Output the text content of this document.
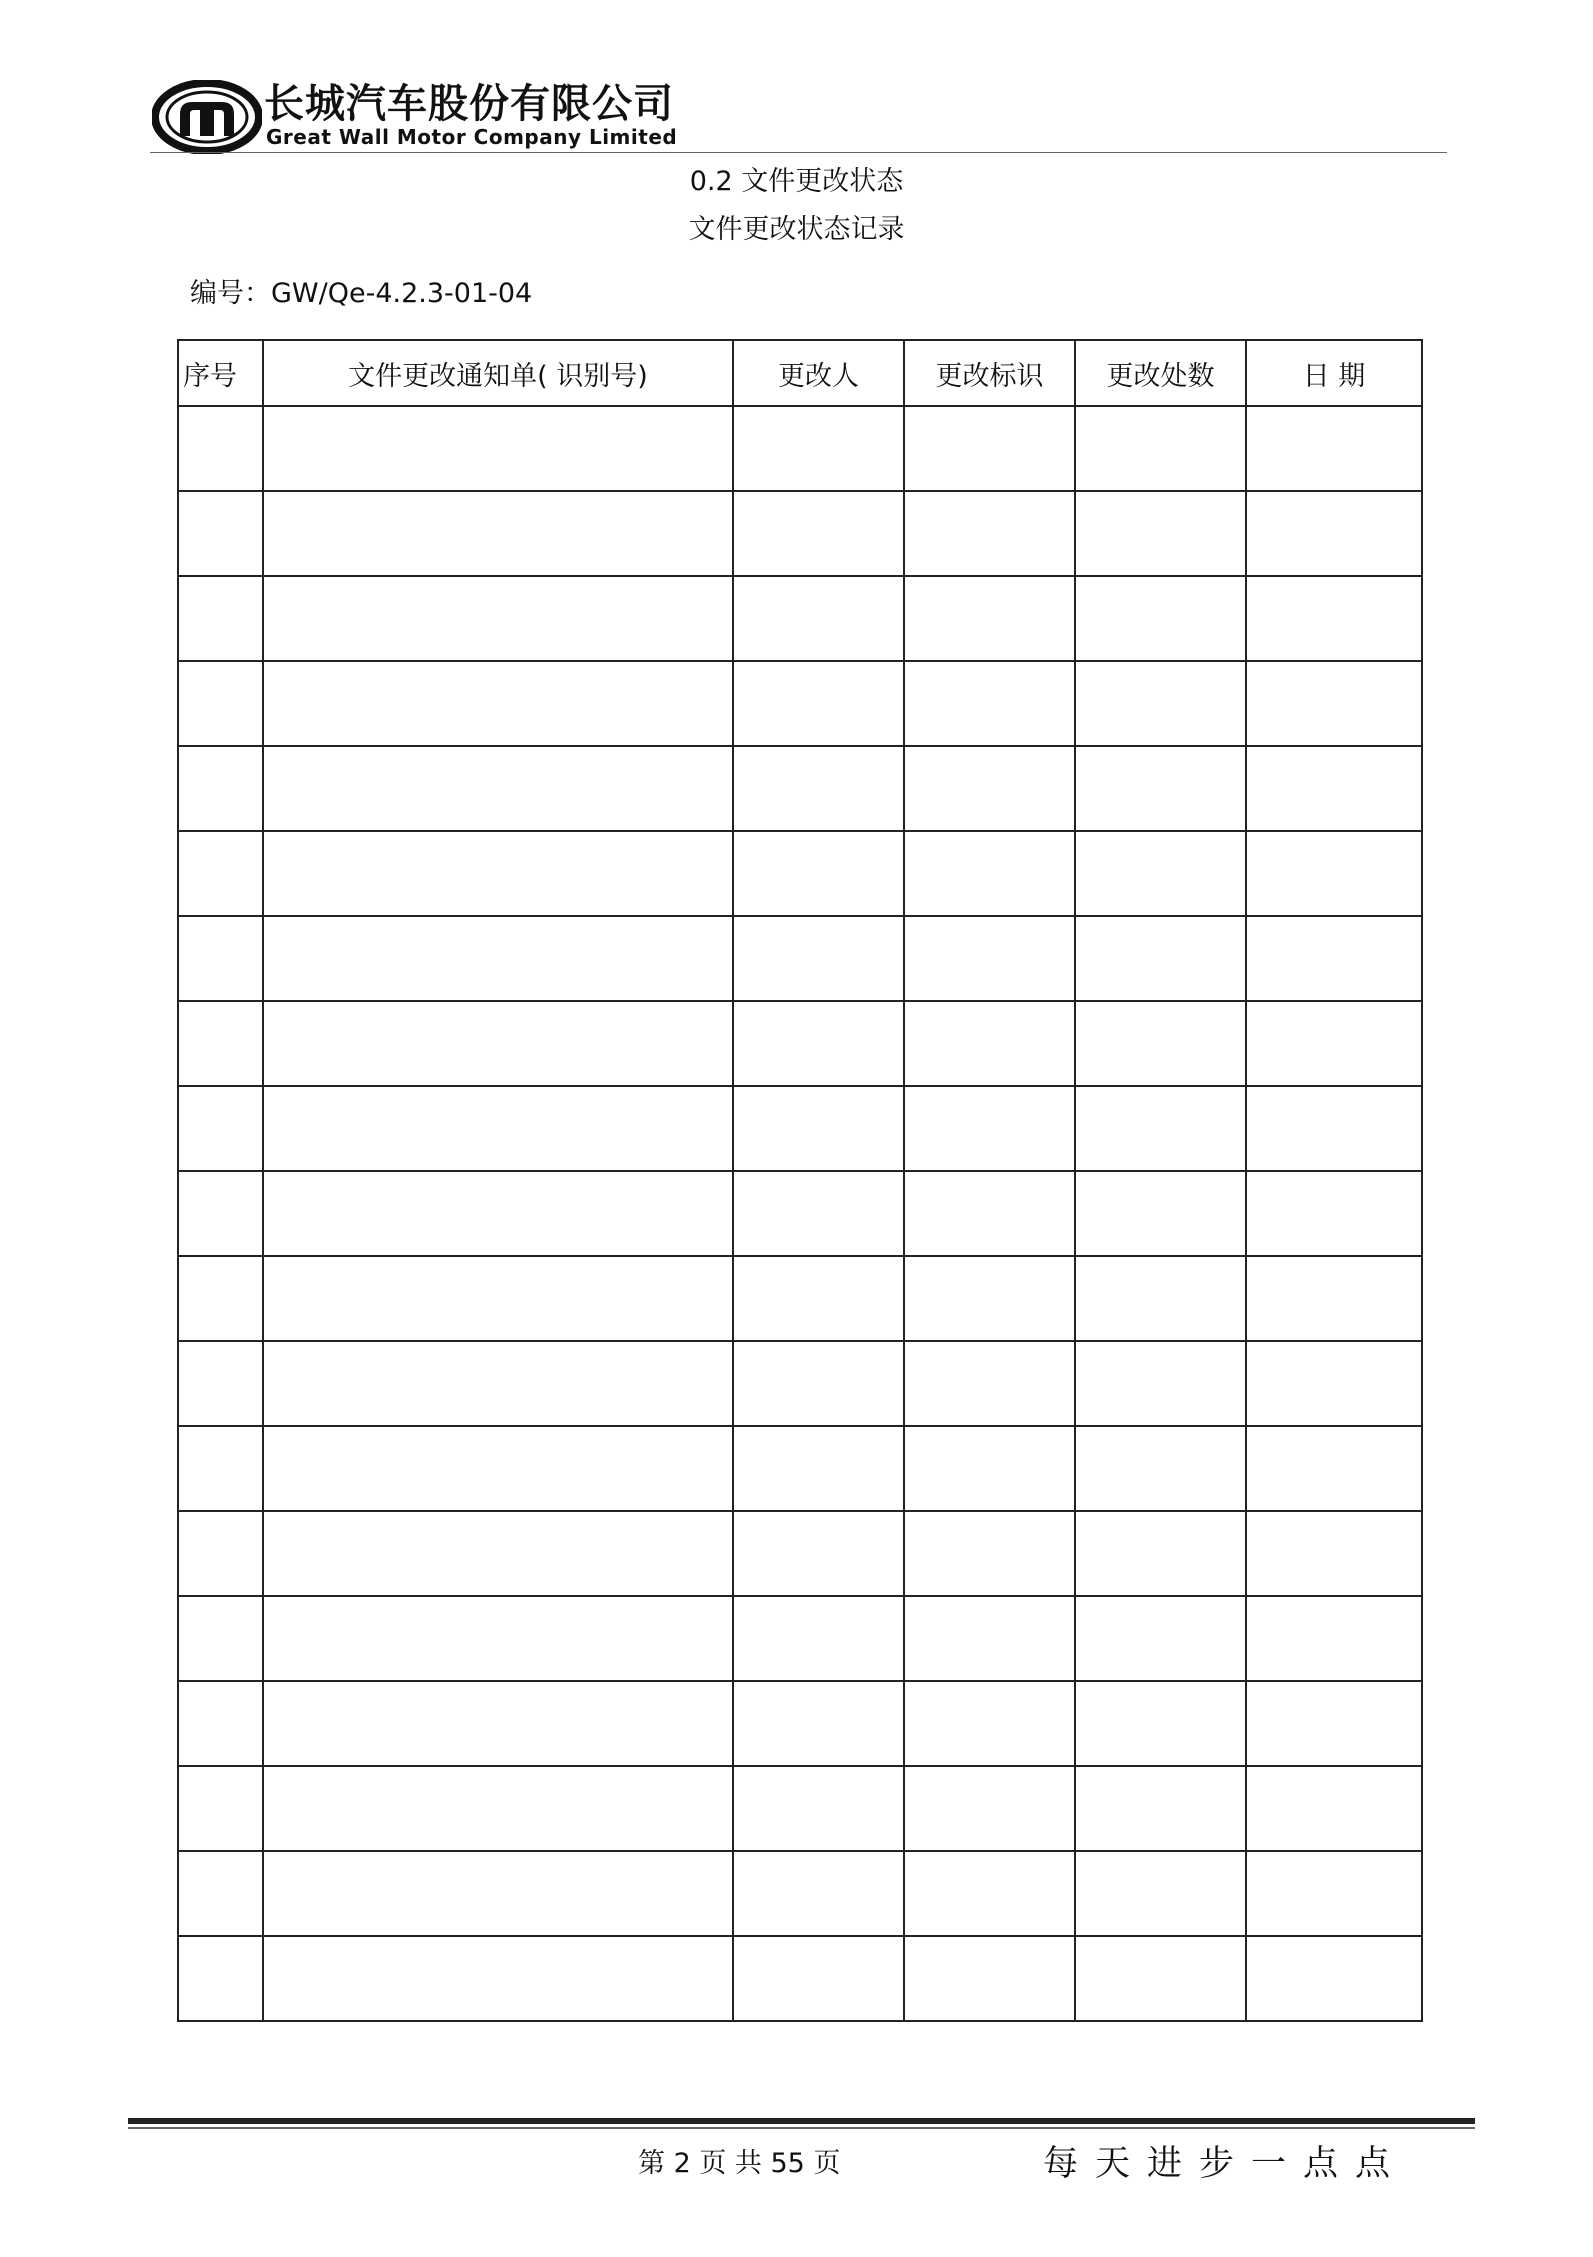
长城汽车股份有限公司
Great Wall Motor Company Limited
0.2 文件更改状态
文件更改状态记录
编号：GW/Qe-4.2.3-01-04
序号	文件更改通知单( 识别号)	更改人	更改标识	更改处数	日 期

第 2 页 共 55 页	每天进步一点点
